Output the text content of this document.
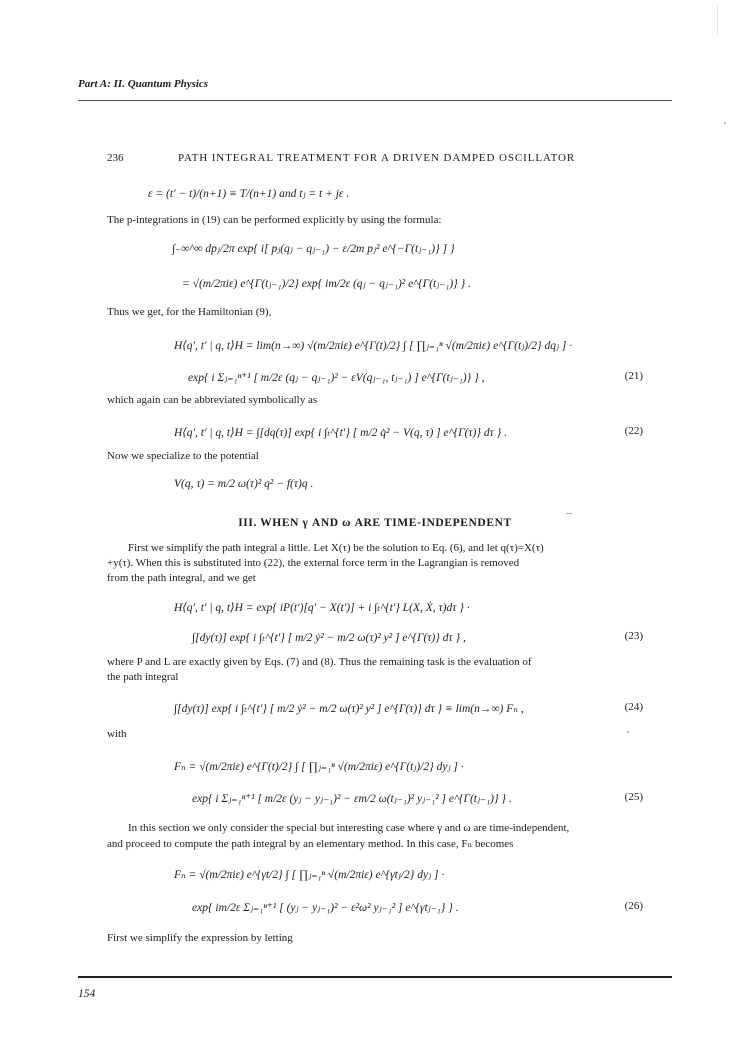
Part A: II. Quantum Physics
236	PATH INTEGRAL TREATMENT FOR A DRIVEN DAMPED OSCILLATOR
ε = (t′ − t)/(n+1) ≡ T/(n+1) and tⱼ = t + jε .
The p-integrations in (19) can be performed explicitly by using the formula:
∫₋∞^∞ dpⱼ/2π exp{ i[ pⱼ(qⱼ − qⱼ₋₁) − ε/2m pⱼ² e^{−Γ(tⱼ₋₁)} ] }
= √(m/2πiε) e^{Γ(tⱼ₋₁)/2} exp{ im/2ε (qⱼ − qⱼ₋₁)² e^{Γ(tⱼ₋₁)} } .
Thus we get, for the Hamiltonian (9),
H⟨q′, t′ | q, t⟩H = lim(n→∞) √(m/2πiε) e^{Γ(t)/2} ∫ [ ∏ⱼ₌₁ⁿ √(m/2πiε) e^{Γ(tⱼ)/2} dqⱼ ] ·
exp{ i Σⱼ₌₁ⁿ⁺¹ [ m/2ε (qⱼ − qⱼ₋₁)² − εV(qⱼ₋₁, tⱼ₋₁) ] e^{Γ(tⱼ₋₁)} } ,	(21)
which again can be abbreviated symbolically as
H⟨q′, t′ | q, t⟩H = ∫[dq(τ)] exp{ i ∫ₜ^{t′} [ m/2 q̇² − V(q, τ) ] e^{Γ(τ)} dτ } .	(22)
Now we specialize to the potential
V(q, τ) = m/2 ω(τ)² q² − f(τ)q .
III. WHEN γ AND ω ARE TIME-INDEPENDENT
First we simplify the path integral a little. Let X(τ) be the solution to Eq. (6), and let q(τ)=X(τ)
+y(τ). When this is substituted into (22), the external force term in the Lagrangian is removed
from the path integral, and we get
H⟨q′, t′ | q, t⟩H = exp{ iP(t′)[q′ − X(t′)] + i ∫ₜ^{t′} L(X, Ẋ, τ)dτ } ·
∫[dy(τ)] exp{ i ∫ₜ^{t′} [ m/2 ẏ² − m/2 ω(τ)² y² ] e^{Γ(τ)} dτ } ,	(23)
where P and L are exactly given by Eqs. (7) and (8). Thus the remaining task is the evaluation of
the path integral
∫[dy(τ)] exp{ i ∫ₜ^{t′} [ m/2 ẏ² − m/2 ω(τ)² y² ] e^{Γ(τ)} dτ } ≡ lim(n→∞) Fₙ ,	(24)
with
Fₙ = √(m/2πiε) e^{Γ(t)/2} ∫ [ ∏ⱼ₌₁ⁿ √(m/2πiε) e^{Γ(tⱼ)/2} dyⱼ ] ·
exp{ i Σⱼ₌₁ⁿ⁺¹ [ m/2ε (yⱼ − yⱼ₋₁)² − εm/2 ω(tⱼ₋₁)² yⱼ₋₁² ] e^{Γ(tⱼ₋₁)} } .	(25)
In this section we only consider the special but interesting case where γ and ω are time-independent,
and proceed to compute the path integral by an elementary method. In this case, Fₙ becomes
Fₙ = √(m/2πiε) e^{γt/2} ∫ [ ∏ⱼ₌₁ⁿ √(m/2πiε) e^{γtⱼ/2} dyⱼ ] ·
exp{ im/2ε Σⱼ₌₁ⁿ⁺¹ [ (yⱼ − yⱼ₋₁)² − ε²ω² yⱼ₋₁² ] e^{γtⱼ₋₁} } .	(26)
First we simplify the expression by letting
154
